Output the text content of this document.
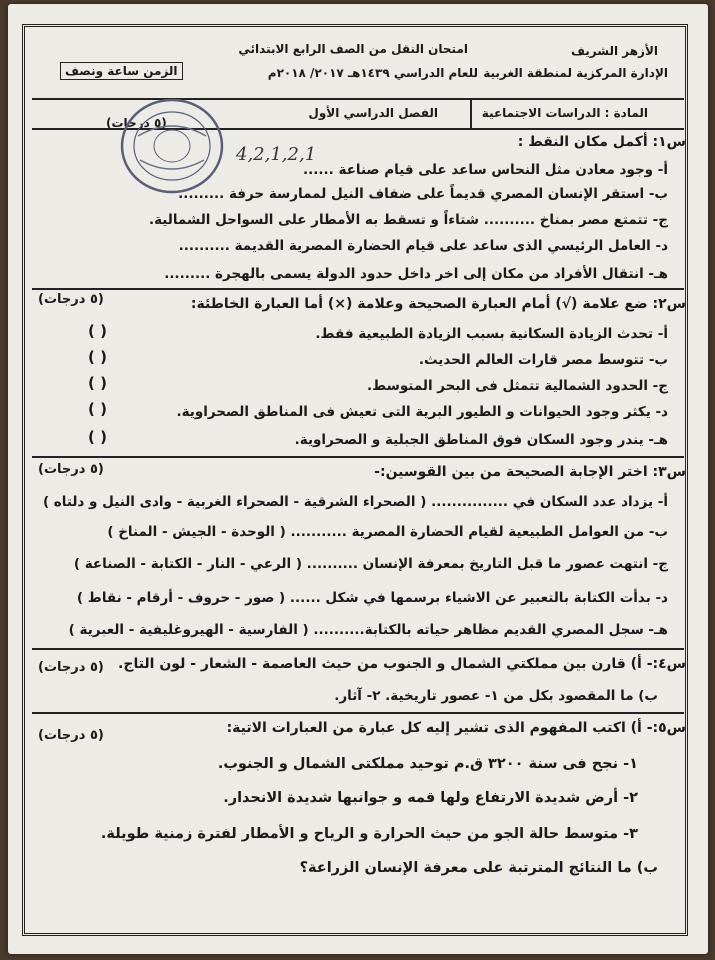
الأزهر الشريف
الإدارة المركزية لمنطقة الغربية
امتحان النقل من الصف الرابع الابتدائي
للعام الدراسي ١٤٣٩هـ ٢٠١٧/ ٢٠١٨م
الزمن ساعة ونصف
المادة : الدراسات الاجتماعية
الفصل الدراسي الأول
(٥ درجات)
س١: أكمل مكان النقط :
4,2,1,2,1
أ- وجود معادن مثل النحاس ساعد على قيام صناعة ......
ب- استقر الإنسان المصري قديماً على ضفاف النيل لممارسة حرفة .........
ج- تتمتع مصر بمناخ .......... شتاءاً و تسقط به الأمطار على السواحل الشمالية.
د- العامل الرئيسي الذى ساعد على قيام الحضارة المصرية القديمة ..........
هـ- انتقال الأفراد من مكان إلى اخر داخل حدود الدولة يسمى بالهجرة .........
س٢: ضع علامة (√) أمام العبارة الصحيحة وعلامة (×) أما العبارة الخاطئة:
(٥ درجات)
أ- تحدث الزيادة السكانية بسبب الزيادة الطبيعية فقط.
ب- تتوسط مصر قارات العالم الحديث.
ج- الحدود الشمالية تتمثل فى البحر المتوسط.
د- يكثر وجود الحيوانات و الطيور البرية التى تعيش فى المناطق الصحراوية.
هـ- يندر وجود السكان فوق المناطق الجبلية و الصحراوية.
( )
( )
( )
( )
( )
س٣: اختر الإجابة الصحيحة من بين القوسين:-
(٥ درجات)
أ- يزداد عدد السكان في ............... ( الصحراء الشرقية - الصحراء الغربية - وادى النيل و دلتاه )
ب- من العوامل الطبيعية لقيام الحضارة المصرية ........... ( الوحدة - الجيش - المناخ )
ج- انتهت عصور ما قبل التاريخ بمعرفة الإنسان .......... ( الرعي - النار - الكتابة - الصناعة )
د- بدأت الكتابة بالتعبير عن الاشياء برسمها في شكل ...... ( صور - حروف - أرقام - نقاط )
هـ- سجل المصري القديم مظاهر حياته بالكتابة.......... ( الفارسية - الهيروغليفية - العبرية )
س٤:- أ) قارن بين مملكتي الشمال و الجنوب من حيث العاصمة - الشعار - لون التاج.
(٥ درجات)
ب) ما المقصود بكل من ١- عصور تاريخية. ٢- آثار.
س٥:- أ) اكتب المفهوم الذى تشير إليه كل عبارة من العبارات الاتية:
(٥ درجات)
١- نجح فى سنة ٣٢٠٠ ق.م توحيد مملكتى الشمال و الجنوب.
٢- أرض شديدة الارتفاع ولها قمه و جوانبها شديدة الانحدار.
٣- متوسط حالة الجو من حيث الحرارة و الرياح و الأمطار لفترة زمنية طويلة.
ب) ما النتائج المترتبة على معرفة الإنسان الزراعة؟
